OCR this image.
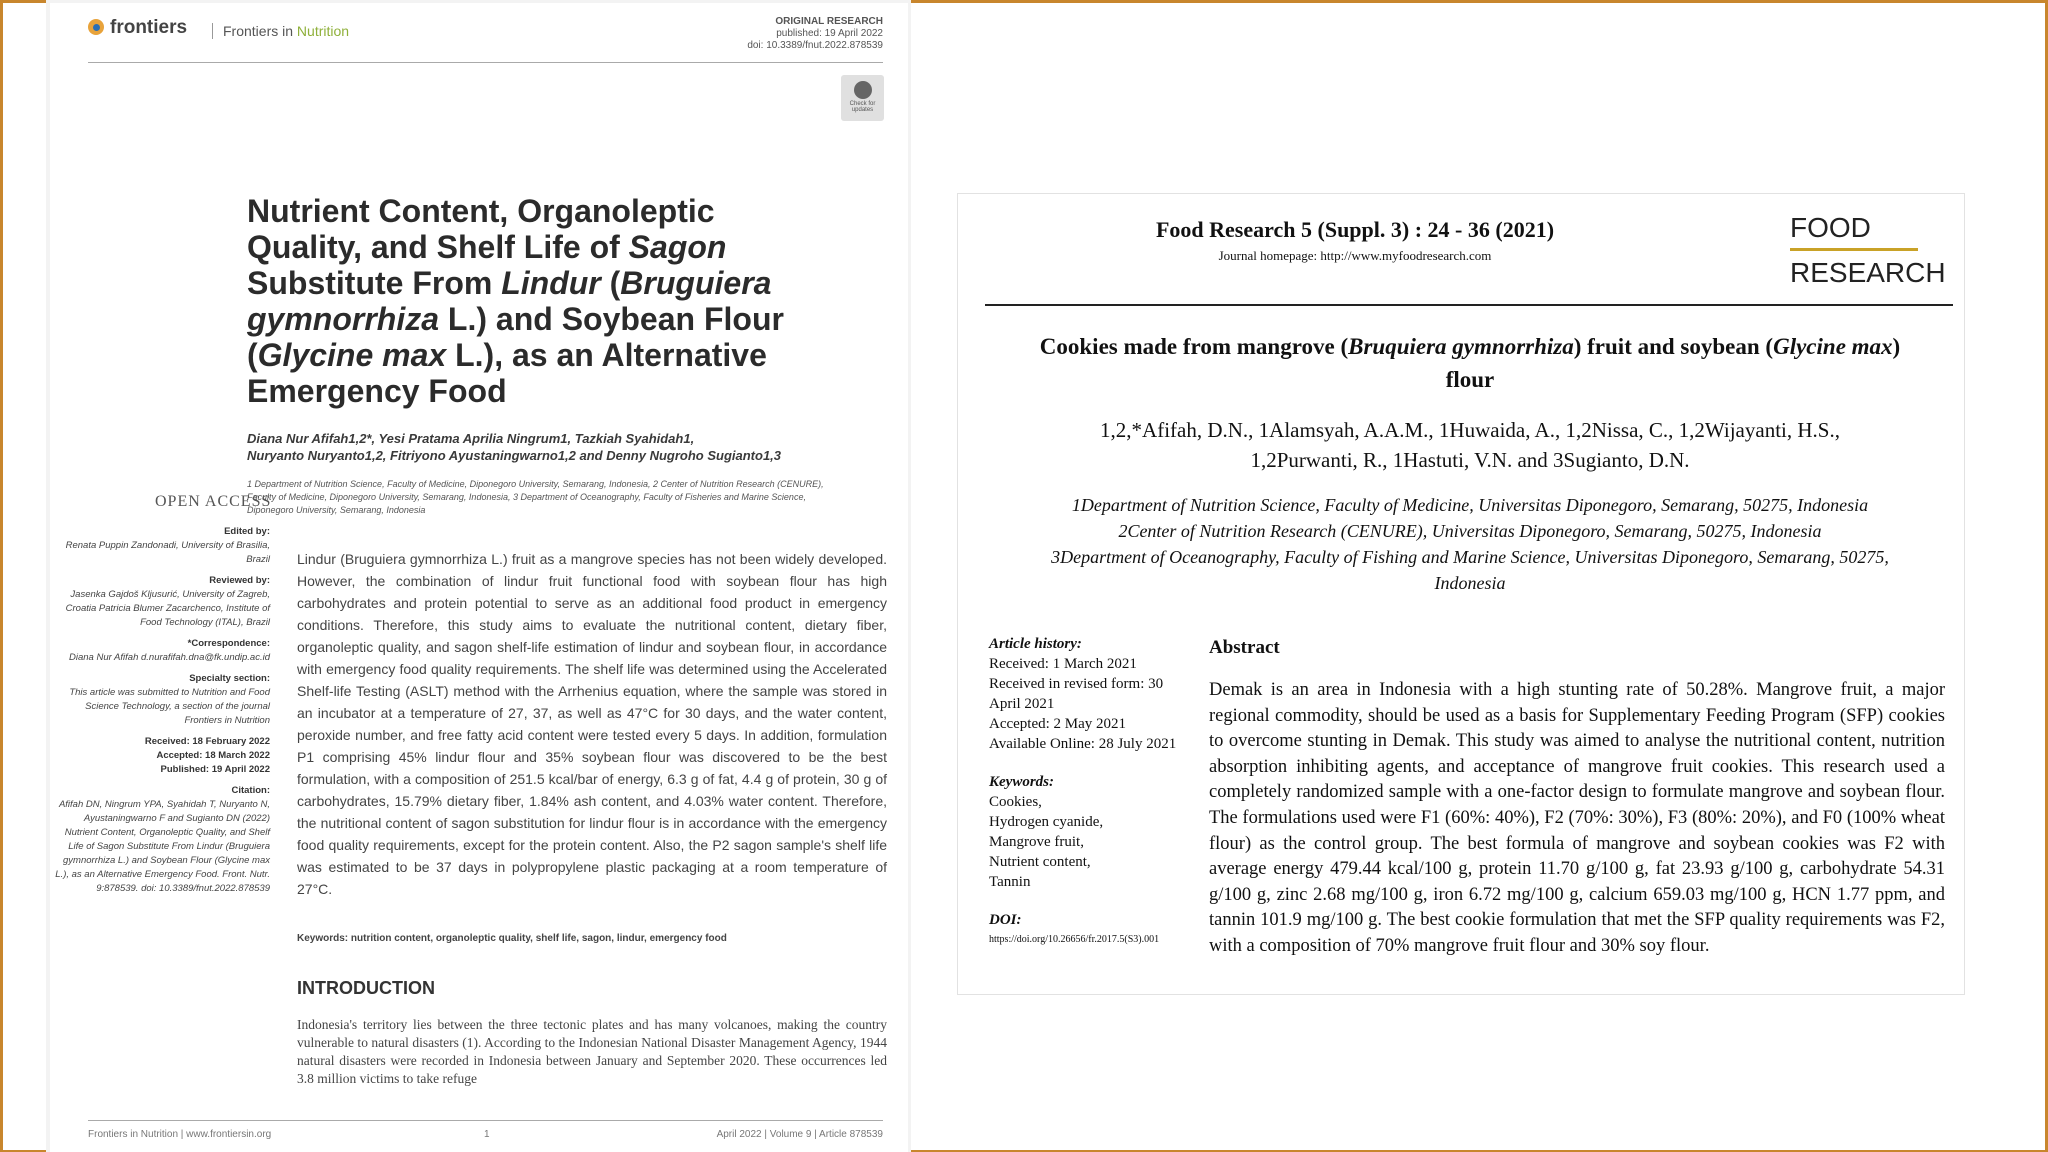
frontiers	Frontiers in Nutrition
ORIGINAL RESEARCH
published: 19 April 2022
doi: 10.3389/fnut.2022.878539
Check for updates
Nutrient Content, Organoleptic Quality, and Shelf Life of Sagon Substitute From Lindur (Bruguiera gymnorrhiza L.) and Soybean Flour (Glycine max L.), as an Alternative Emergency Food
Diana Nur Afifah1,2*, Yesi Pratama Aprilia Ningrum1, Tazkiah Syahidah1,
Nuryanto Nuryanto1,2, Fitriyono Ayustaningwarno1,2 and Denny Nugroho Sugianto1,3
1 Department of Nutrition Science, Faculty of Medicine, Diponegoro University, Semarang, Indonesia, 2 Center of Nutrition Research (CENURE), Faculty of Medicine, Diponegoro University, Semarang, Indonesia, 3 Department of Oceanography, Faculty of Fisheries and Marine Science, Diponegoro University, Semarang, Indonesia
OPEN ACCESS
Edited by:
Renata Puppin Zandonadi, University of Brasilia, Brazil
Reviewed by:
Jasenka Gajdoš Kljusurić, University of Zagreb, Croatia Patricia Blumer Zacarchenco, Institute of Food Technology (ITAL), Brazil
*Correspondence:
Diana Nur Afifah d.nurafifah.dna@fk.undip.ac.id
Specialty section:
This article was submitted to Nutrition and Food Science Technology, a section of the journal Frontiers in Nutrition
Received: 18 February 2022
Accepted: 18 March 2022
Published: 19 April 2022
Citation:
Afifah DN, Ningrum YPA, Syahidah T, Nuryanto N, Ayustaningwarno F and Sugianto DN (2022) Nutrient Content, Organoleptic Quality, and Shelf Life of Sagon Substitute From Lindur (Bruguiera gymnorrhiza L.) and Soybean Flour (Glycine max L.), as an Alternative Emergency Food. Front. Nutr. 9:878539. doi: 10.3389/fnut.2022.878539
Lindur (Bruguiera gymnorrhiza L.) fruit as a mangrove species has not been widely developed. However, the combination of lindur fruit functional food with soybean flour has high carbohydrates and protein potential to serve as an additional food product in emergency conditions. Therefore, this study aims to evaluate the nutritional content, dietary fiber, organoleptic quality, and sagon shelf-life estimation of lindur and soybean flour, in accordance with emergency food quality requirements. The shelf life was determined using the Accelerated Shelf-life Testing (ASLT) method with the Arrhenius equation, where the sample was stored in an incubator at a temperature of 27, 37, as well as 47°C for 30 days, and the water content, peroxide number, and free fatty acid content were tested every 5 days. In addition, formulation P1 comprising 45% lindur flour and 35% soybean flour was discovered to be the best formulation, with a composition of 251.5 kcal/bar of energy, 6.3 g of fat, 4.4 g of protein, 30 g of carbohydrates, 15.79% dietary fiber, 1.84% ash content, and 4.03% water content. Therefore, the nutritional content of sagon substitution for lindur flour is in accordance with the emergency food quality requirements, except for the protein content. Also, the P2 sagon sample's shelf life was estimated to be 37 days in polypropylene plastic packaging at a room temperature of 27°C.
Keywords: nutrition content, organoleptic quality, shelf life, sagon, lindur, emergency food
INTRODUCTION
Indonesia's territory lies between the three tectonic plates and has many volcanoes, making the country vulnerable to natural disasters (1). According to the Indonesian National Disaster Management Agency, 1944 natural disasters were recorded in Indonesia between January and September 2020. These occurrences led 3.8 million victims to take refuge
Frontiers in Nutrition | www.frontiersin.org	1	April 2022 | Volume 9 | Article 878539
Food Research 5 (Suppl. 3) : 24 - 36 (2021)
Journal homepage: http://www.myfoodresearch.com
FOOD
RESEARCH
Cookies made from mangrove (Bruquiera gymnorrhiza) fruit and soybean (Glycine max) flour
1,2,*Afifah, D.N., 1Alamsyah, A.A.M., 1Huwaida, A., 1,2Nissa, C., 1,2Wijayanti, H.S.,
1,2Purwanti, R., 1Hastuti, V.N. and 3Sugianto, D.N.
1Department of Nutrition Science, Faculty of Medicine, Universitas Diponegoro, Semarang, 50275, Indonesia
2Center of Nutrition Research (CENURE), Universitas Diponegoro, Semarang, 50275, Indonesia
3Department of Oceanography, Faculty of Fishing and Marine Science, Universitas Diponegoro, Semarang, 50275, Indonesia
Article history:
Received: 1 March 2021
Received in revised form: 30 April 2021
Accepted: 2 May 2021
Available Online: 28 July 2021
Keywords:
Cookies,
Hydrogen cyanide,
Mangrove fruit,
Nutrient content,
Tannin
DOI:
https://doi.org/10.26656/fr.2017.5(S3).001
Abstract
Demak is an area in Indonesia with a high stunting rate of 50.28%. Mangrove fruit, a major regional commodity, should be used as a basis for Supplementary Feeding Program (SFP) cookies to overcome stunting in Demak. This study was aimed to analyse the nutritional content, nutrition absorption inhibiting agents, and acceptance of mangrove fruit cookies. This research used a completely randomized sample with a one-factor design to formulate mangrove and soybean flour. The formulations used were F1 (60%: 40%), F2 (70%: 30%), F3 (80%: 20%), and F0 (100% wheat flour) as the control group. The best formula of mangrove and soybean cookies was F2 with average energy 479.44 kcal/100 g, protein 11.70 g/100 g, fat 23.93 g/100 g, carbohydrate 54.31 g/100 g, zinc 2.68 mg/100 g, iron 6.72 mg/100 g, calcium 659.03 mg/100 g, HCN 1.77 ppm, and tannin 101.9 mg/100 g. The best cookie formulation that met the SFP quality requirements was F2, with a composition of 70% mangrove fruit flour and 30% soy flour.
